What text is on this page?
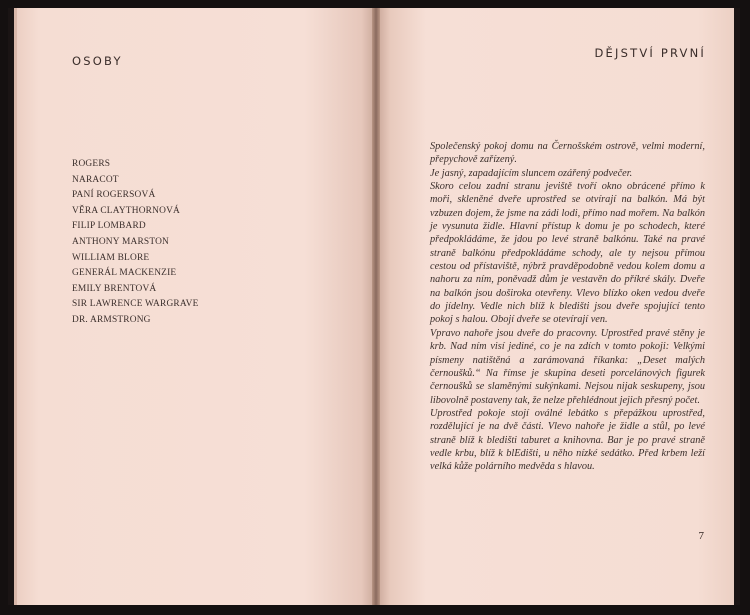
OSOBY
ROGERS
NARACOT
PANÍ ROGERSOVÁ
VĚRA CLAYTHORNOVÁ
FILIP LOMBARD
ANTHONY MARSTON
WILLIAM BLORE
GENERÁL MACKENZIE
EMILY BRENTOVÁ
SIR LAWRENCE WARGRAVE
DR. ARMSTRONG
DĚJSTVÍ PRVNÍ

Společenský pokoj domu na Černošském ostrově, velmi moderní, přepychově zařízený.

Je jasný, zapadajícím sluncem ozářený podvečer.

Skoro celou zadní stranu jeviště tvoří okno obrácené přímo k moři, skleněné dveře uprostřed se otvírají na balkón. Má být vzbuzen dojem, že jsme na zádi lodi, přímo nad mořem. Na balkón je vysunuta židle. Hlavní přístup k domu je po schodech, které předpokládáme, že jdou po levé straně balkónu. Také na pravé straně balkónu předpokládáme schody, ale ty nejsou přímou cestou od přístaviště, nýbrž pravděpodobně vedou kolem domu a nahoru za ním, poněvadž dům je vestavěn do příkré skály. Dveře na balkón jsou doširoka otevřeny. Vlevo blízko oken vedou dveře do jídelny. Vedle nich blíž k bledišti jsou dveře spojující tento pokoj s halou. Obojí dveře se otevírají ven.

Vpravo nahoře jsou dveře do pracovny. Uprostřed pravé stěny je krb. Nad ním visí jediné, co je na zdích v tomto pokoji: Velkými písmeny natištěná a zarámovaná říkanka: „Deset malých černoušků.“ Na římse je skupina deseti porcelánových figurek černoušků se slaměnými sukýnkami. Nejsou nijak seskupeny, jsou libovolně postaveny tak, že nelze přehlédnout jejich přesný počet.

Uprostřed pokoje stojí oválné lebátko s přepážkou uprostřed, rozdělující je na dvě části. Vlevo nahoře je židle a stůl, po levé straně blíž k bledišti taburet a knihovna. Bar je po pravé straně vedle krbu, blíž k blEdišti, u něho nízké sedátko. Před krbem leží velká kůže polárního medvěda s hlavou.

7
